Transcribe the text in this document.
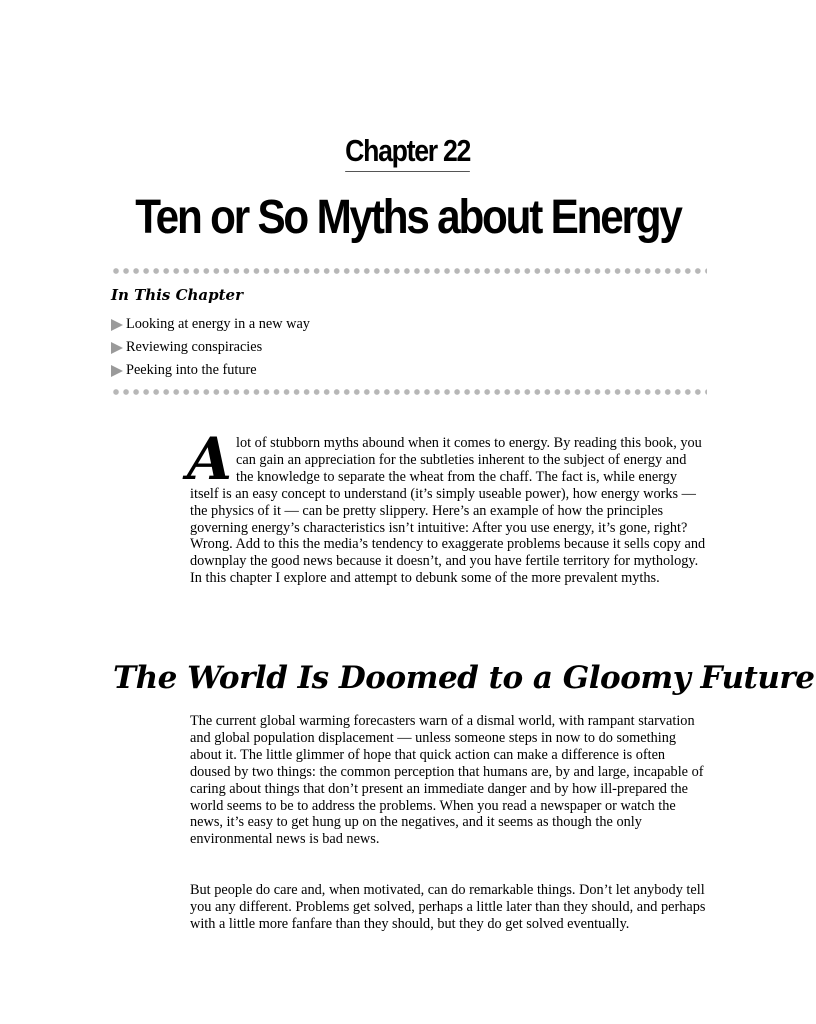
Chapter 22
Ten or So Myths about Energy
In This Chapter
Looking at energy in a new way
Reviewing conspiracies
Peeking into the future

Alot of stubborn myths abound when it comes to energy. By reading this book, you can gain an appreciation for the subtleties inherent to the subject of energy and the knowledge to separate the wheat from the chaff. The fact is, while energy itself is an easy concept to understand (it’s simply useable power), how energy works — the physics of it — can be pretty slippery. Here’s an example of how the principles governing energy’s characteristics isn’t intuitive: After you use energy, it’s gone, right? Wrong. Add to this the media’s tendency to exaggerate problems because it sells copy and downplay the good news because it doesn’t, and you have fertile territory for mythology. In this chapter I explore and attempt to debunk some of the more prevalent myths.

The World Is Doomed to a Gloomy Future

The current global warming forecasters warn of a dismal world, with rampant starvation and global population displacement — unless someone steps in now to do something about it. The little glimmer of hope that quick action can make a difference is often doused by two things: the common perception that humans are, by and large, incapable of caring about things that don’t present an immediate danger and by how ill-prepared the world seems to be to address the problems. When you read a newspaper or watch the news, it’s easy to get hung up on the negatives, and it seems as though the only environmental news is bad news.

But people do care and, when motivated, can do remarkable things. Don’t let anybody tell you any different. Problems get solved, perhaps a little later than they should, and perhaps with a little more fanfare than they should, but they do get solved eventually.
